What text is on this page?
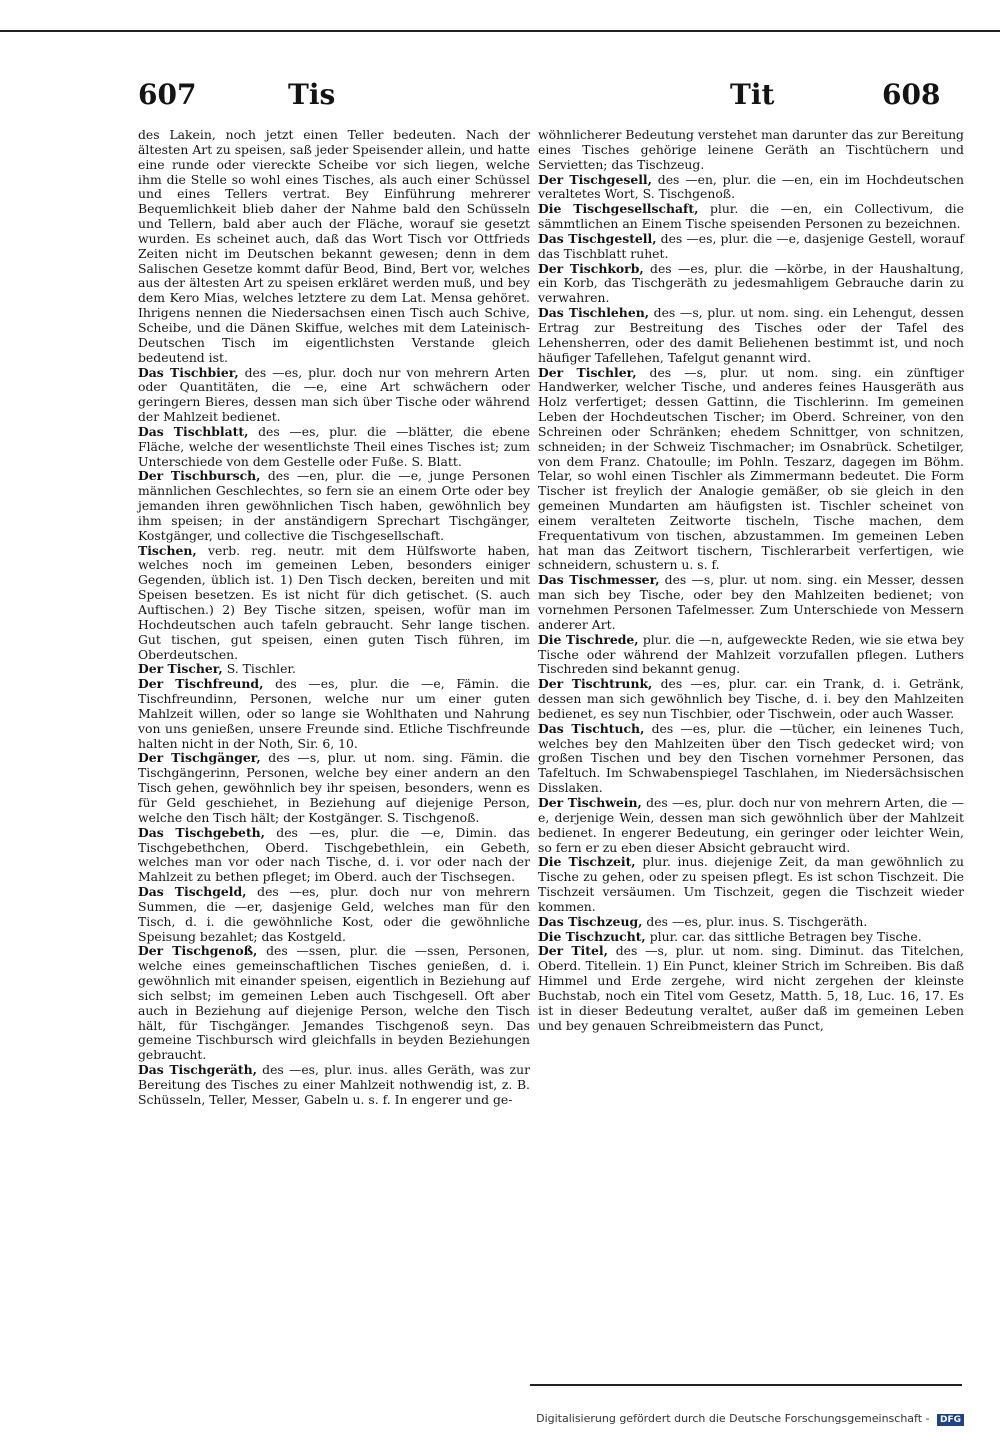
607	Tis	Tit	608

des Lakein, noch jetzt einen Teller bedeuten. Nach der ältesten Art zu speisen, saß jeder Speisender allein, und hatte eine runde oder viereckte Scheibe vor sich liegen, welche ihm die Stelle so wohl eines Tisches, als auch einer Schüssel und eines Tellers vertrat. Bey Einführung mehrerer Bequemlichkeit blieb daher der Nahme bald den Schüsseln und Tellern, bald aber auch der Fläche, worauf sie gesetzt wurden. Es scheinet auch, daß das Wort Tisch vor Ottfrieds Zeiten nicht im Deutschen bekannt gewesen; denn in dem Salischen Gesetze kommt dafür Beod, Bind, Bert vor, welches aus der ältesten Art zu speisen erkläret werden muß, und bey dem Kero Mias, welches letztere zu dem Lat. Mensa gehöret. Ihrigens nennen die Niedersachsen einen Tisch auch Schive, Scheibe, und die Dänen Skiffue, welches mit dem Lateinisch-Deutschen Tisch im eigentlichsten Verstande gleich bedeutend ist.

Das Tischbier, des —es, plur. doch nur von mehrern Arten oder Quantitäten, die —e, eine Art schwächern oder geringern Bieres, dessen man sich über Tische oder während der Mahlzeit bedienet.

Das Tischblatt, des —es, plur. die —blätter, die ebene Fläche, welche der wesentlichste Theil eines Tisches ist; zum Unterschiede von dem Gestelle oder Fuße. S. Blatt.

Der Tischbursch, des —en, plur. die —e, junge Personen männlichen Geschlechtes, so fern sie an einem Orte oder bey jemanden ihren gewöhnlichen Tisch haben, gewöhnlich bey ihm speisen; in der anständigern Sprechart Tischgänger, Kostgänger, und collective die Tischgesellschaft.

Tischen, verb. reg. neutr. mit dem Hülfsworte haben, welches noch im gemeinen Leben, besonders einiger Gegenden, üblich ist. 1) Den Tisch decken, bereiten und mit Speisen besetzen. Es ist nicht für dich getischet. (S. auch Auftischen.) 2) Bey Tische sitzen, speisen, wofür man im Hochdeutschen auch tafeln gebraucht. Sehr lange tischen. Gut tischen, gut speisen, einen guten Tisch führen, im Oberdeutschen.

Der Tischer, S. Tischler.

Der Tischfreund, des —es, plur. die —e, Fämin. die Tischfreundinn, Personen, welche nur um einer guten Mahlzeit willen, oder so lange sie Wohlthaten und Nahrung von uns genießen, unsere Freunde sind. Etliche Tischfreunde halten nicht in der Noth, Sir. 6, 10.

Der Tischgänger, des —s, plur. ut nom. sing. Fämin. die Tischgängerinn, Personen, welche bey einer andern an den Tisch gehen, gewöhnlich bey ihr speisen, besonders, wenn es für Geld geschiehet, in Beziehung auf diejenige Person, welche den Tisch hält; der Kostgänger. S. Tischgenoß.

Das Tischgebeth, des —es, plur. die —e, Dimin. das Tischgebethchen, Oberd. Tischgebethlein, ein Gebeth, welches man vor oder nach Tische, d. i. vor oder nach der Mahlzeit zu bethen pfleget; im Oberd. auch der Tischsegen.

Das Tischgeld, des —es, plur. doch nur von mehrern Summen, die —er, dasjenige Geld, welches man für den Tisch, d. i. die gewöhnliche Kost, oder die gewöhnliche Speisung bezahlet; das Kostgeld.

Der Tischgenoß, des —ssen, plur. die —ssen, Personen, welche eines gemeinschaftlichen Tisches genießen, d. i. gewöhnlich mit einander speisen, eigentlich in Beziehung auf sich selbst; im gemeinen Leben auch Tischgesell. Oft aber auch in Beziehung auf diejenige Person, welche den Tisch hält, für Tischgänger. Jemandes Tischgenoß seyn. Das gemeine Tischbursch wird gleichfalls in beyden Beziehungen gebraucht.

Das Tischgeräth, des —es, plur. inus. alles Geräth, was zur Bereitung des Tisches zu einer Mahlzeit nothwendig ist, z. B. Schüsseln, Teller, Messer, Gabeln u. s. f. In engerer und ge-

wöhnlicherer Bedeutung verstehet man darunter das zur Bereitung eines Tisches gehörige leinene Geräth an Tischtüchern und Servietten; das Tischzeug.

Der Tischgesell, des —en, plur. die —en, ein im Hochdeutschen veraltetes Wort, S. Tischgenoß.

Die Tischgesellschaft, plur. die —en, ein Collectivum, die sämmtlichen an Einem Tische speisenden Personen zu bezeichnen.

Das Tischgestell, des —es, plur. die —e, dasjenige Gestell, worauf das Tischblatt ruhet.

Der Tischkorb, des —es, plur. die —körbe, in der Haushaltung, ein Korb, das Tischgeräth zu jedesmahligem Gebrauche darin zu verwahren.

Das Tischlehen, des —s, plur. ut nom. sing. ein Lehengut, dessen Ertrag zur Bestreitung des Tisches oder der Tafel des Lehensherren, oder des damit Beliehenen bestimmt ist, und noch häufiger Tafellehen, Tafelgut genannt wird.

Der Tischler, des —s, plur. ut nom. sing. ein zünftiger Handwerker, welcher Tische, und anderes feines Hausgeräth aus Holz verfertiget; dessen Gattinn, die Tischlerinn. Im gemeinen Leben der Hochdeutschen Tischer; im Oberd. Schreiner, von den Schreinen oder Schränken; ehedem Schnittger, von schnitzen, schneiden; in der Schweiz Tischmacher; im Osnabrück. Schetilger, von dem Franz. Chatoulle; im Pohln. Teszarz, dagegen im Böhm. Telar, so wohl einen Tischler als Zimmermann bedeutet. Die Form Tischer ist freylich der Analogie gemäßer, ob sie gleich in den gemeinen Mundarten am häufigsten ist. Tischler scheinet von einem veralteten Zeitworte tischeln, Tische machen, dem Frequentativum von tischen, abzustammen. Im gemeinen Leben hat man das Zeitwort tischern, Tischlerarbeit verfertigen, wie schneidern, schustern u. s. f.

Das Tischmesser, des —s, plur. ut nom. sing. ein Messer, dessen man sich bey Tische, oder bey den Mahlzeiten bedienet; von vornehmen Personen Tafelmesser. Zum Unterschiede von Messern anderer Art.

Die Tischrede, plur. die —n, aufgeweckte Reden, wie sie etwa bey Tische oder während der Mahlzeit vorzufallen pflegen. Luthers Tischreden sind bekannt genug.

Der Tischtrunk, des —es, plur. car. ein Trank, d. i. Getränk, dessen man sich gewöhnlich bey Tische, d. i. bey den Mahlzeiten bedienet, es sey nun Tischbier, oder Tischwein, oder auch Wasser.

Das Tischtuch, des —es, plur. die —tücher, ein leinenes Tuch, welches bey den Mahlzeiten über den Tisch gedecket wird; von großen Tischen und bey den Tischen vornehmer Personen, das Tafeltuch. Im Schwabenspiegel Taschlahen, im Niedersächsischen Disslaken.

Der Tischwein, des —es, plur. doch nur von mehrern Arten, die —e, derjenige Wein, dessen man sich gewöhnlich über der Mahlzeit bedienet. In engerer Bedeutung, ein geringer oder leichter Wein, so fern er zu eben dieser Absicht gebraucht wird.

Die Tischzeit, plur. inus. diejenige Zeit, da man gewöhnlich zu Tische zu gehen, oder zu speisen pflegt. Es ist schon Tischzeit. Die Tischzeit versäumen. Um Tischzeit, gegen die Tischzeit wieder kommen.

Das Tischzeug, des —es, plur. inus. S. Tischgeräth.

Die Tischzucht, plur. car. das sittliche Betragen bey Tische.

Der Titel, des —s, plur. ut nom. sing. Diminut. das Titelchen, Oberd. Titellein. 1) Ein Punct, kleiner Strich im Schreiben. Bis daß Himmel und Erde zergehe, wird nicht zergehen der kleinste Buchstab, noch ein Titel vom Gesetz, Matth. 5, 18, Luc. 16, 17. Es ist in dieser Bedeutung veraltet, außer daß im gemeinen Leben und bey genauen Schreibmeistern das Punct,

Digitalisierung gefördert durch die Deutsche Forschungsgemeinschaft - DFG
